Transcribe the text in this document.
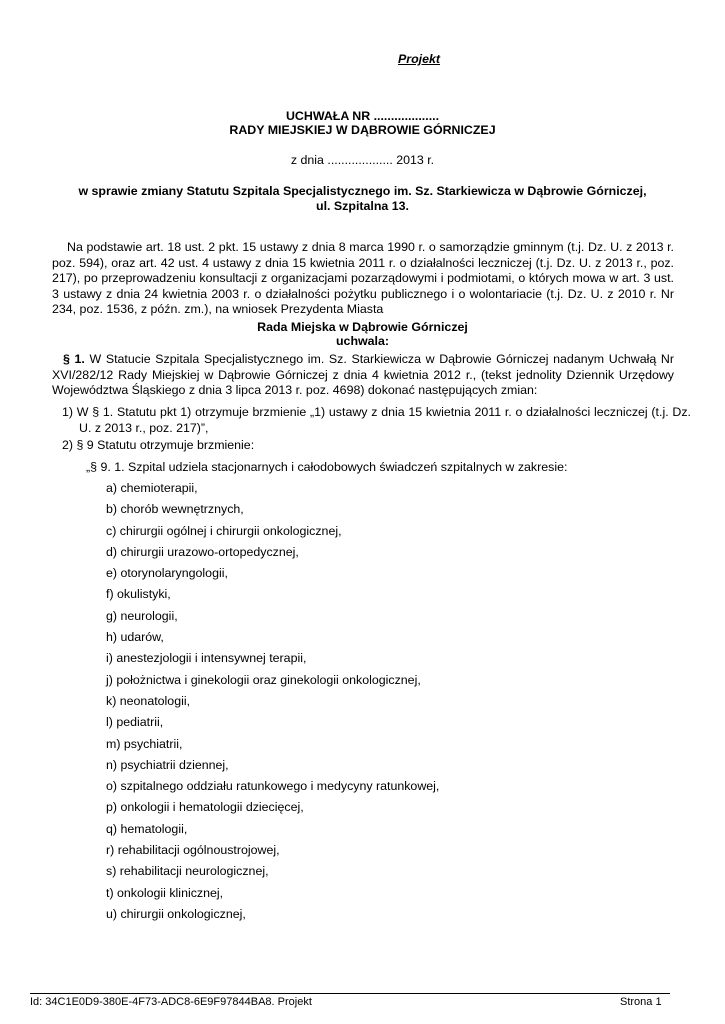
Projekt
UCHWAŁA NR ...................
RADY MIEJSKIEJ W DĄBROWIE GÓRNICZEJ
z dnia ................... 2013 r.
w sprawie zmiany Statutu Szpitala Specjalistycznego im. Sz. Starkiewicza w Dąbrowie Górniczej,
ul. Szpitalna 13.
Na podstawie art. 18 ust. 2 pkt. 15 ustawy z dnia 8 marca 1990 r. o samorządzie gminnym (t.j. Dz. U. z 2013 r. poz. 594), oraz art. 42 ust. 4 ustawy z dnia 15 kwietnia 2011 r. o działalności leczniczej (t.j. Dz. U. z 2013 r., poz. 217), po przeprowadzeniu konsultacji z organizacjami pozarządowymi i podmiotami, o których mowa w art. 3 ust. 3 ustawy z dnia 24 kwietnia 2003 r. o działalności pożytku publicznego i o wolontariacie (t.j. Dz. U. z 2010 r. Nr 234, poz. 1536, z późn. zm.), na wniosek Prezydenta Miasta
Rada Miejska w Dąbrowie Górniczej
uchwala:
§ 1. W Statucie Szpitala Specjalistycznego im. Sz. Starkiewicza w Dąbrowie Górniczej nadanym Uchwałą Nr XVI/282/12 Rady Miejskiej w Dąbrowie Górniczej z dnia 4 kwietnia 2012 r., (tekst jednolity Dziennik Urzędowy Województwa Śląskiego z dnia 3 lipca 2013 r. poz. 4698) dokonać następujących zmian:
1) W § 1. Statutu pkt 1) otrzymuje brzmienie „1) ustawy z dnia 15 kwietnia 2011 r. o działalności leczniczej (t.j. Dz. U. z 2013 r., poz. 217)”,
2) § 9 Statutu otrzymuje brzmienie:
„§ 9. 1. Szpital udziela stacjonarnych i całodobowych świadczeń szpitalnych w zakresie:
a) chemioterapii,
b) chorób wewnętrznych,
c) chirurgii ogólnej i chirurgii onkologicznej,
d) chirurgii urazowo-ortopedycznej,
e) otorynolaryngologii,
f) okulistyki,
g) neurologii,
h) udarów,
i) anestezjologii i intensywnej terapii,
j) położnictwa i ginekologii oraz ginekologii onkologicznej,
k) neonatologii,
l) pediatrii,
m) psychiatrii,
n) psychiatrii dziennej,
o) szpitalnego oddziału ratunkowego i medycyny ratunkowej,
p) onkologii i hematologii dziecięcej,
q) hematologii,
r) rehabilitacji ogólnoustrojowej,
s) rehabilitacji neurologicznej,
t) onkologii klinicznej,
u) chirurgii onkologicznej,
Id: 34C1E0D9-380E-4F73-ADC8-6E9F97844BA8. Projekt	Strona 1
